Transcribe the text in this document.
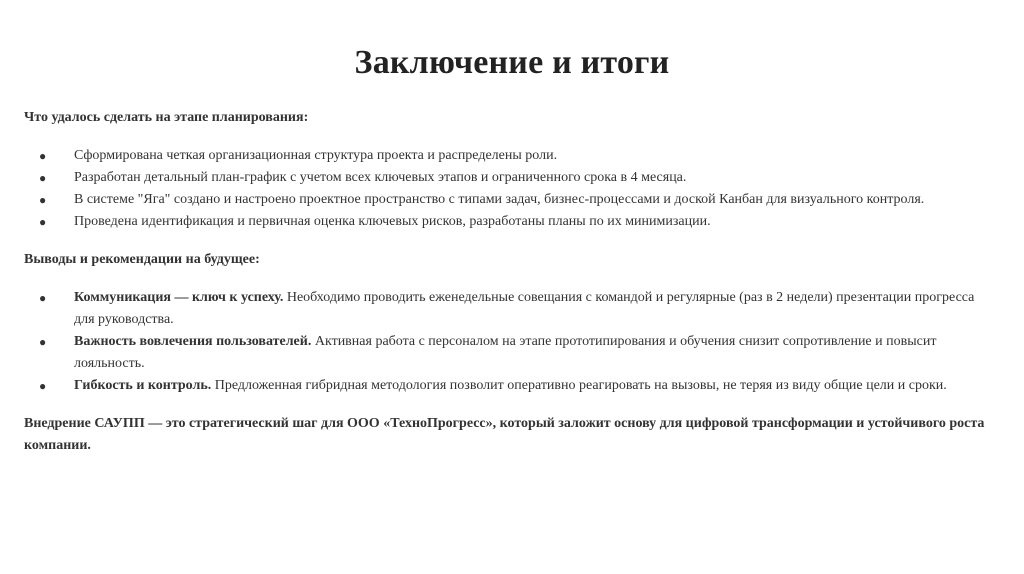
Заключение и итоги

Что удалось сделать на этапе планирования:

● Сформирована четкая организационная структура проекта и распределены роли.
● Разработан детальный план-график с учетом всех ключевых этапов и ограниченного срока в 4 месяца.
● В системе "Яга" создано и настроено проектное пространство с типами задач, бизнес-процессами и доской Канбан для визуального контроля.
● Проведена идентификация и первичная оценка ключевых рисков, разработаны планы по их минимизации.

Выводы и рекомендации на будущее:

● Коммуникация — ключ к успеху. Необходимо проводить еженедельные совещания с командой и регулярные (раз в 2 недели) презентации прогресса для руководства.
● Важность вовлечения пользователей. Активная работа с персоналом на этапе прототипирования и обучения снизит сопротивление и повысит лояльность.
● Гибкость и контроль. Предложенная гибридная методология позволит оперативно реагировать на вызовы, не теряя из виду общие цели и сроки.

Внедрение САУПП — это стратегический шаг для ООО «ТехноПрогресс», который заложит основу для цифровой трансформации и устойчивого роста компании.
